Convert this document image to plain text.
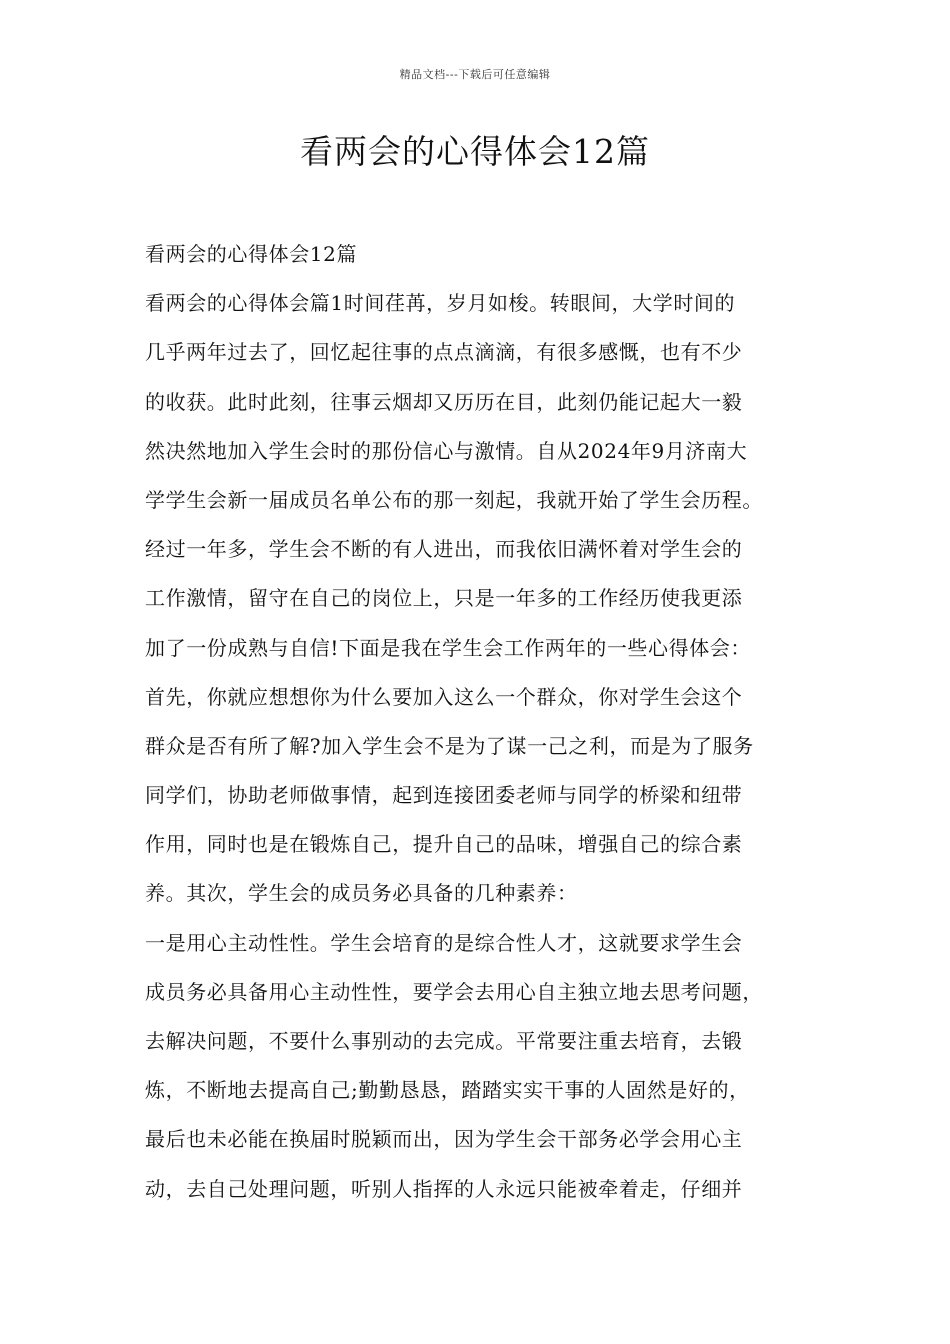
精品文档---下载后可任意编辑
看两会的心得体会12篇
看两会的心得体会12篇
看两会的心得体会篇1时间荏苒，岁月如梭。转眼间，大学时间的
几乎两年过去了，回忆起往事的点点滴滴，有很多感慨，也有不少
的收获。此时此刻，往事云烟却又历历在目，此刻仍能记起大一毅
然决然地加入学生会时的那份信心与激情。自从2024年9月济南大
学学生会新一届成员名单公布的那一刻起，我就开始了学生会历程。
经过一年多，学生会不断的有人进出，而我依旧满怀着对学生会的
工作激情，留守在自己的岗位上，只是一年多的工作经历使我更添
加了一份成熟与自信!下面是我在学生会工作两年的一些心得体会：
首先，你就应想想你为什么要加入这么一个群众，你对学生会这个
群众是否有所了解?加入学生会不是为了谋一己之利，而是为了服务
同学们，协助老师做事情，起到连接团委老师与同学的桥梁和纽带
作用，同时也是在锻炼自己，提升自己的品味，增强自己的综合素
养。其次，学生会的成员务必具备的几种素养：
一是用心主动性性。学生会培育的是综合性人才，这就要求学生会
成员务必具备用心主动性性，要学会去用心自主独立地去思考问题，
去解决问题，不要什么事别动的去完成。平常要注重去培育，去锻
炼，不断地去提高自己;勤勤恳恳，踏踏实实干事的人固然是好的，
最后也未必能在换届时脱颖而出，因为学生会干部务必学会用心主
动，去自己处理问题，听别人指挥的人永远只能被牵着走，仔细并
